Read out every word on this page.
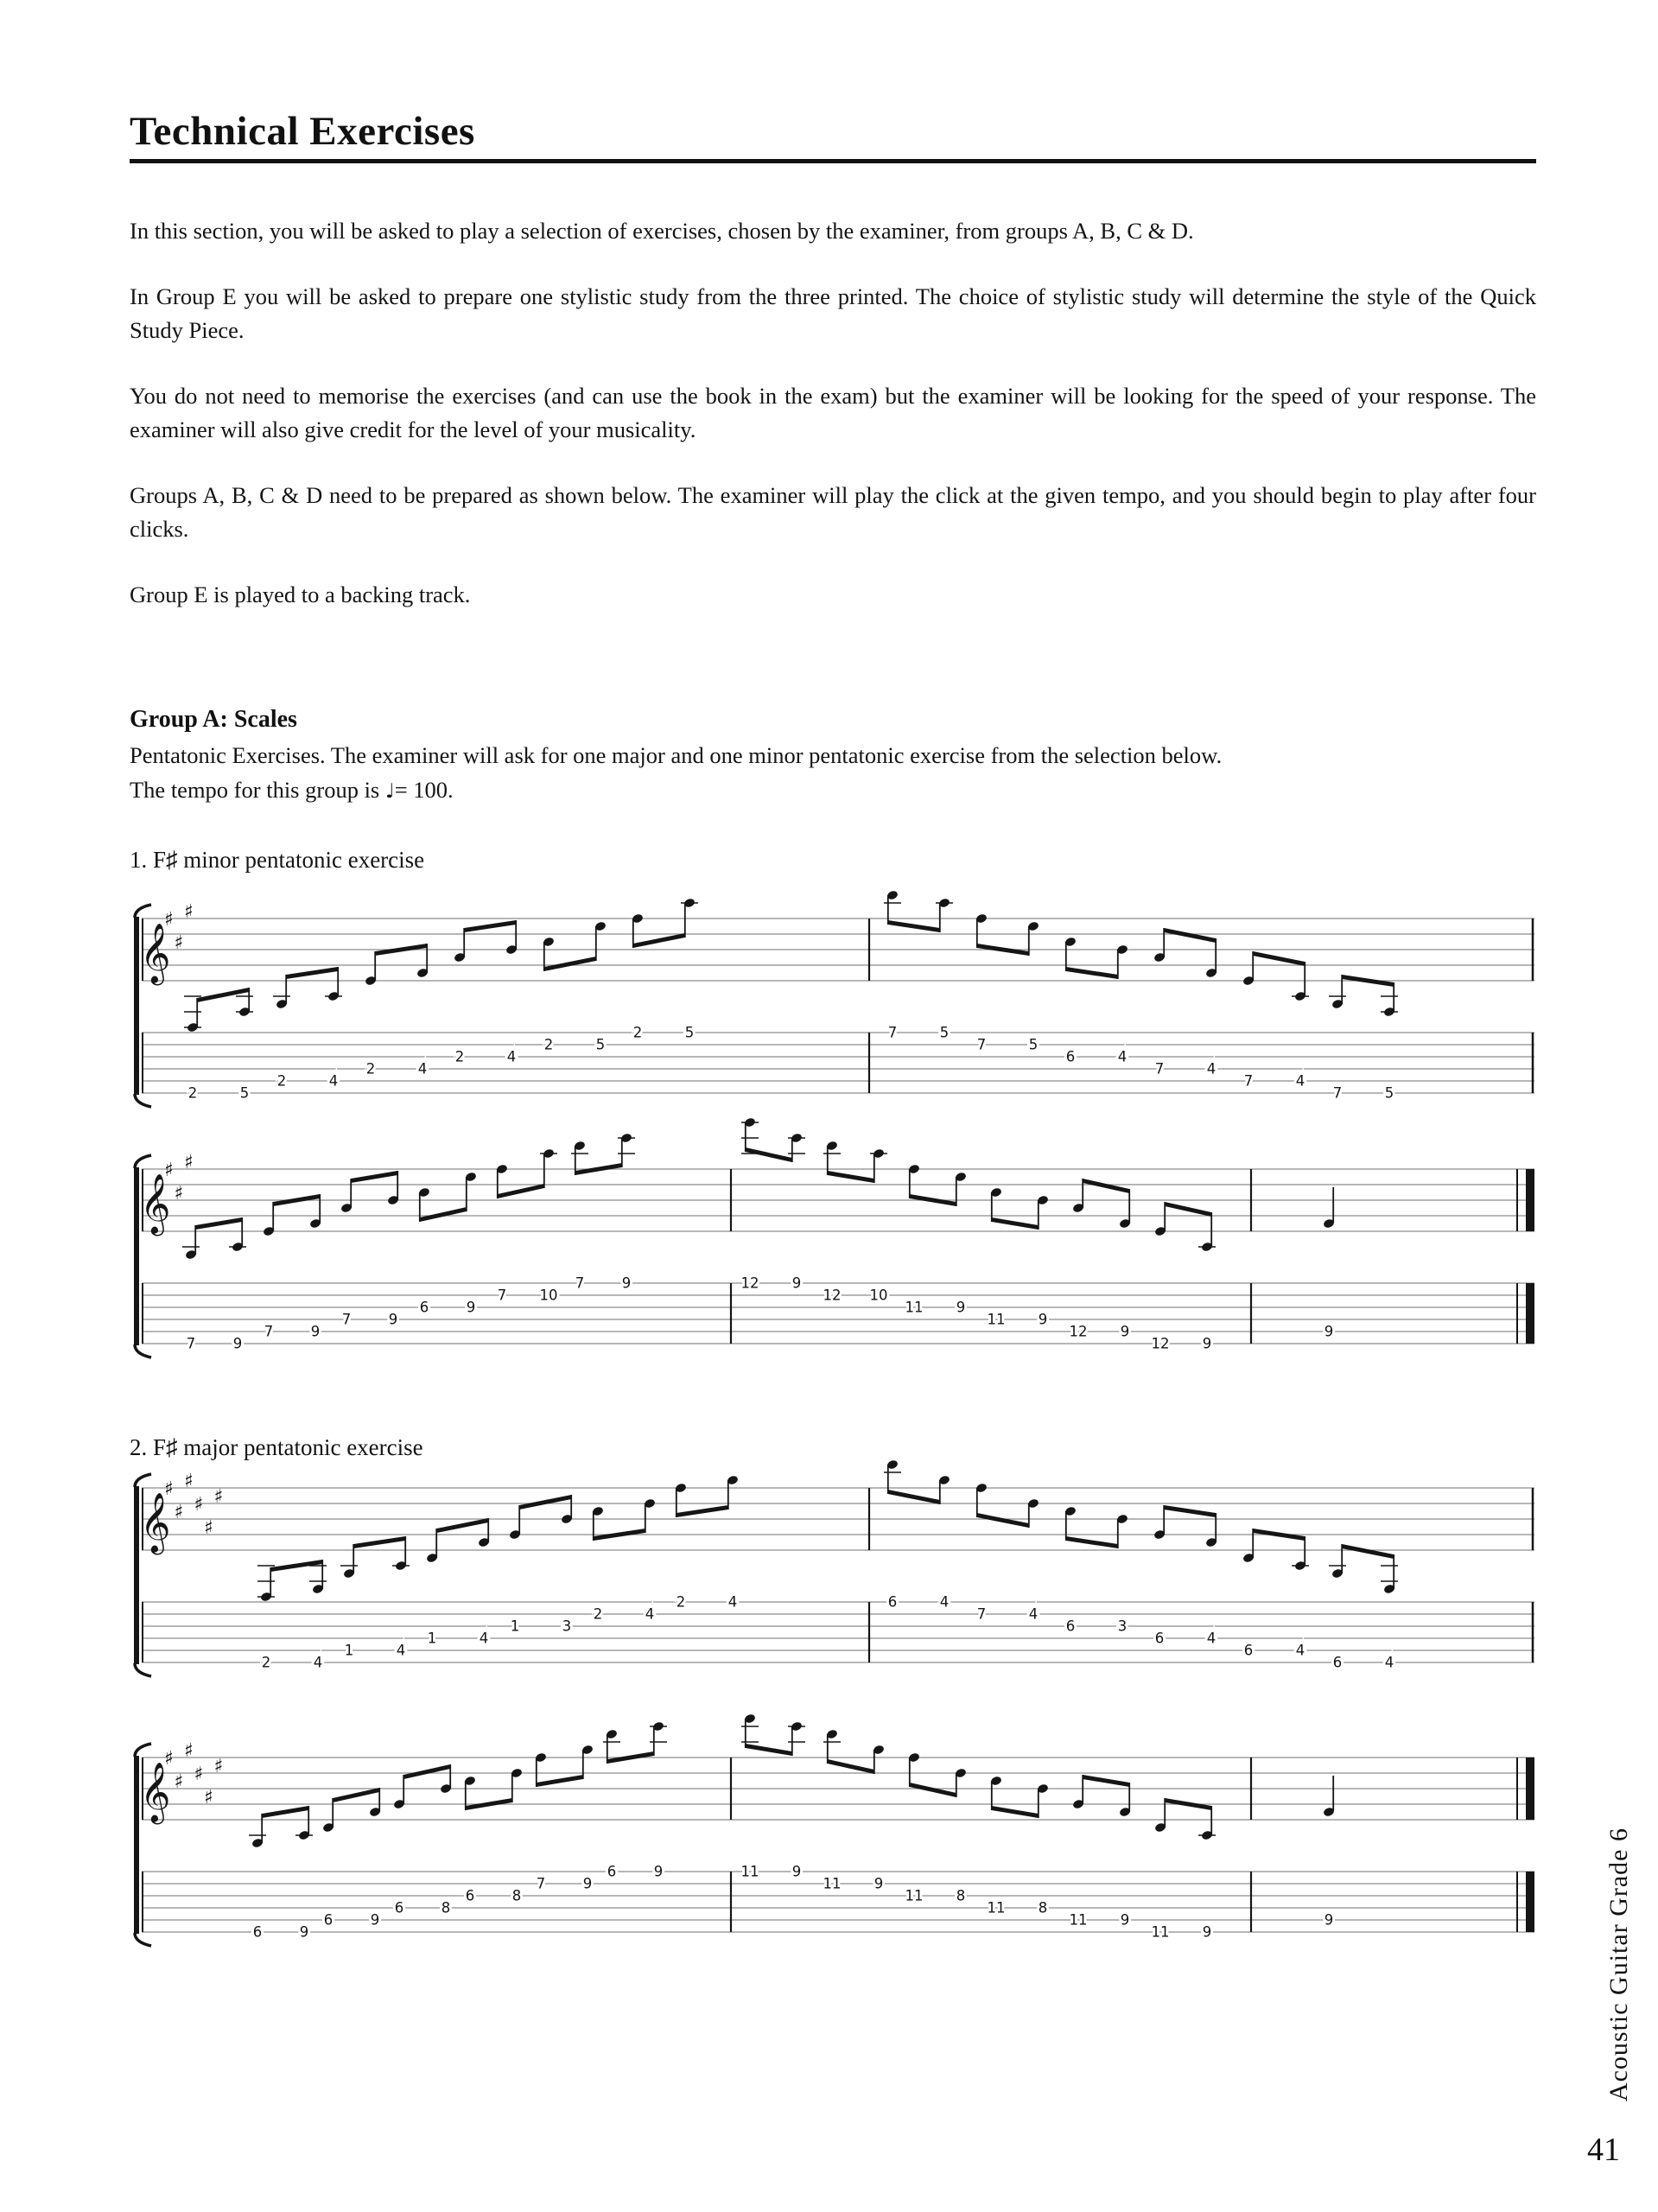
Technical Exercises

In this section, you will be asked to play a selection of exercises, chosen by the examiner, from groups A, B, C & D.

In Group E you will be asked to prepare one stylistic study from the three printed. The choice of stylistic study will determine the style of the Quick Study Piece.

You do not need to memorise the exercises (and can use the book in the exam) but the examiner will be looking for the speed of your response. The examiner will also give credit for the level of your musicality.

Groups A, B, C & D need to be prepared as shown below. The examiner will play the click at the given tempo, and you should begin to play after four clicks.

Group E is played to a backing track.

Group A: Scales
Pentatonic Exercises. The examiner will ask for one major and one minor pentatonic exercise from the selection below.
The tempo for this group is ♩= 100.
1. F♯ minor pentatonic exercise
𝄞
♯
♯
♯
2	5
2	4
2	4
2	4
2	5
2	5	7	5
7	5
6	4
7	4
7	4
7	5
𝄞
♯
♯
♯
7	9
7	9
7	9
6	9
7 10
7	9	12 9
12 10
11 9
11 9
12 9
12 9
9
2. F♯ major pentatonic exercise
𝄞
♯
♯
♯
♯
♯
♯
2	4
1	4
1	4
1	3
2	4
2	4	6	4
7	4
6	3
6	4
6	4
6	4
𝄞
♯
♯
♯
♯
♯
♯
6	9
6	9
6	8
6	8
7	9
6	9	11 9
11 9
11 8
11 8
11 9
11 9
9	Acoustic Guitar Grade 6
41
